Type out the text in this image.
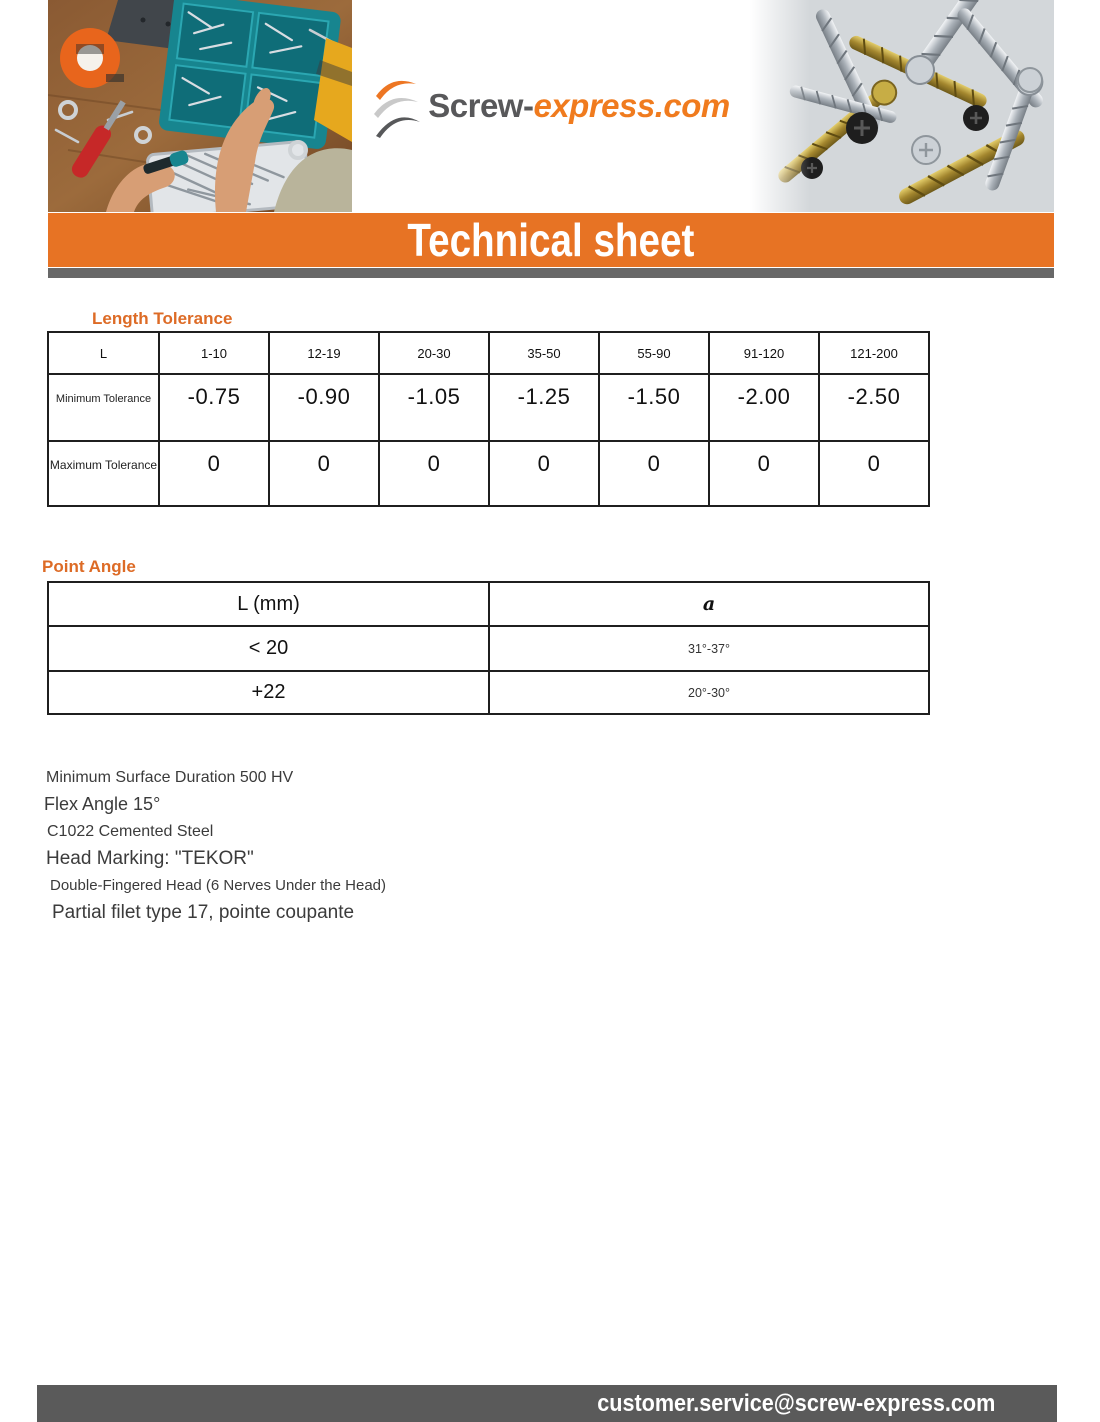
Screw-express.com
Technical sheet
Length Tolerance
L	1-10	12-19	20-30	35-50	55-90	91-120	121-200
Minimum Tolerance	-0.75	-0.90	-1.05	-1.25	-1.50	-2.00	-2.50
Maximum Tolerance	0	0	0	0	0	0	0
Point Angle
L (mm)	a
< 20	31°-37°
+22	20°-30°

Minimum Surface Duration 500 HV

Flex Angle 15°

C1022 Cemented Steel

Head Marking: "TEKOR"

Double-Fingered Head (6 Nerves Under the Head)

Partial filet type 17, pointe coupante

customer.service@screw-express.com
